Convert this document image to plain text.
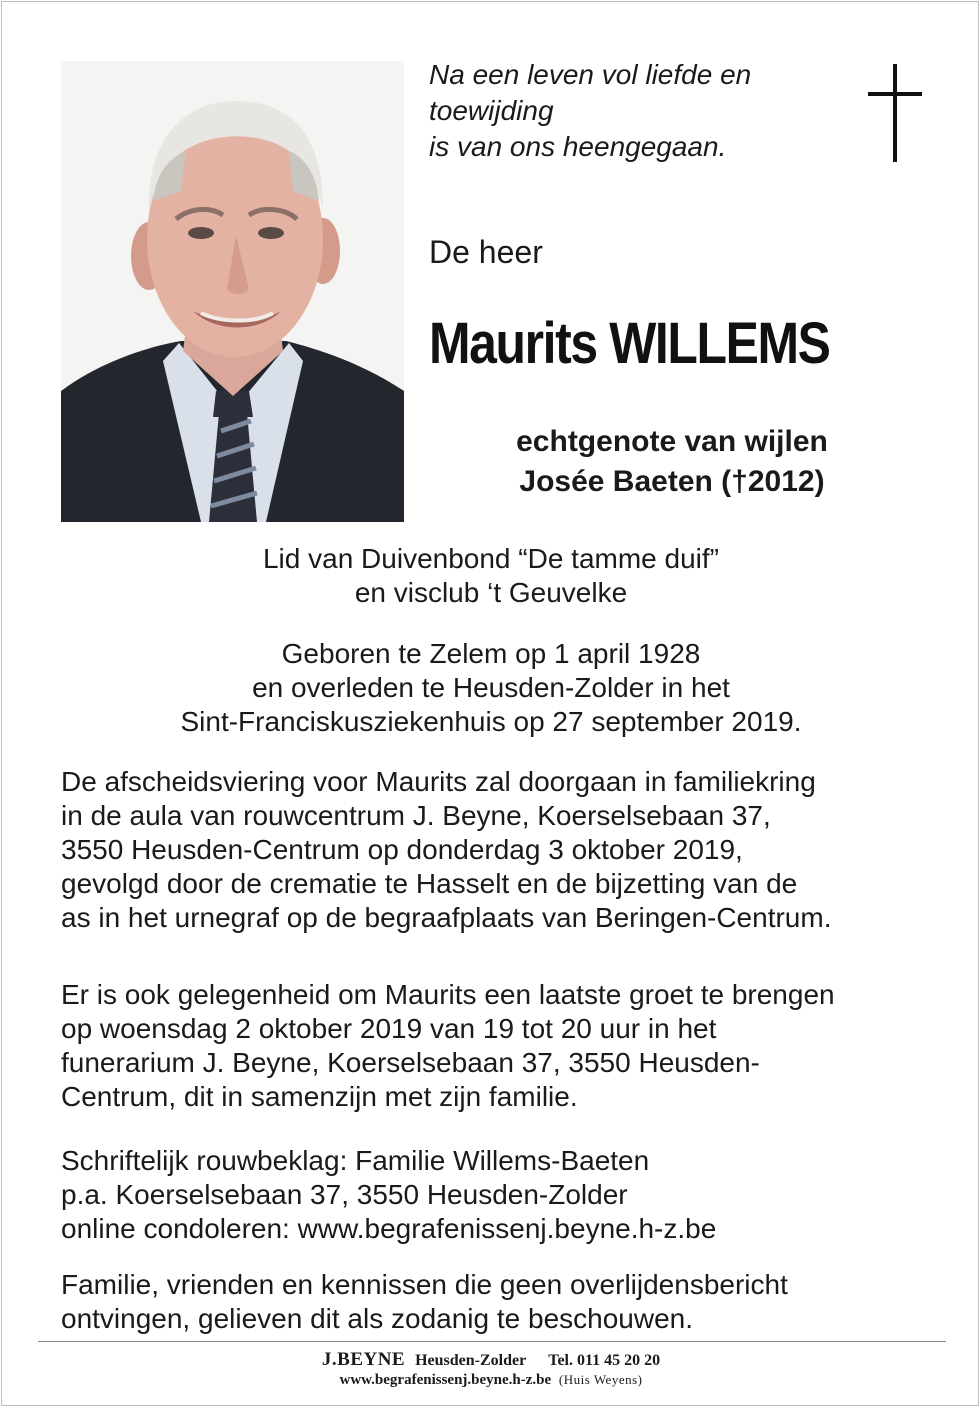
Na een leven vol liefde en
toewijding
is van ons heengegaan.
De heer
Maurits WILLEMS
echtgenote van wijlen
Josée Baeten (†2012)
Lid van Duivenbond “De tamme duif”
en visclub ‘t Geuvelke
Geboren te Zelem op 1 april 1928
en overleden te Heusden-Zolder in het
Sint-Franciskusziekenhuis op 27 september 2019.
De afscheidsviering voor Maurits zal doorgaan in familiekring
in de aula van rouwcentrum J. Beyne, Koerselsebaan 37,
3550 Heusden-Centrum op donderdag 3 oktober 2019,
gevolgd door de crematie te Hasselt en de bijzetting van de
as in het urnegraf op de begraafplaats van Beringen-Centrum.
Er is ook gelegenheid om Maurits een laatste groet te brengen
op woensdag 2 oktober 2019 van 19 tot 20 uur in het
funerarium J. Beyne, Koerselsebaan 37, 3550 Heusden-
Centrum, dit in samenzijn met zijn familie.
Schriftelijk rouwbeklag: Familie Willems-Baeten
p.a. Koerselsebaan 37, 3550 Heusden-Zolder
online condoleren: www.begrafenissenj.beyne.h-z.be
Familie, vrienden en kennissen die geen overlijdensbericht
ontvingen, gelieven dit als zodanig te beschouwen.
J.BEYNE Heusden-Zolder Tel. 011 45 20 20
www.begrafenissenj.beyne.h-z.be (Huis Weyens)
